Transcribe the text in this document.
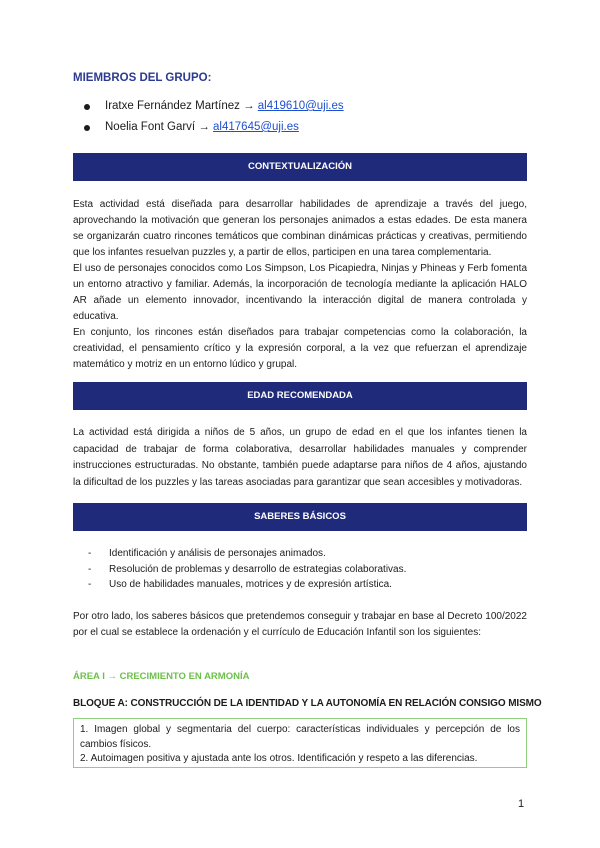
MIEMBROS DEL GRUPO:
Iratxe Fernández Martínez → al419610@uji.es
Noelia Font Garví → al417645@uji.es
CONTEXTUALIZACIÓN

Esta actividad está diseñada para desarrollar habilidades de aprendizaje a través del juego, aprovechando la motivación que generan los personajes animados a estas edades. De esta manera se organizarán cuatro rincones temáticos que combinan dinámicas prácticas y creativas, permitiendo que los infantes resuelvan puzzles y, a partir de ellos, participen en una tarea complementaria.

El uso de personajes conocidos como Los Simpson, Los Picapiedra, Ninjas y Phineas y Ferb fomenta un entorno atractivo y familiar. Además, la incorporación de tecnología mediante la aplicación HALO AR añade un elemento innovador, incentivando la interacción digital de manera controlada y educativa.

En conjunto, los rincones están diseñados para trabajar competencias como la colaboración, la creatividad, el pensamiento crítico y la expresión corporal, a la vez que refuerzan el aprendizaje matemático y motriz en un entorno lúdico y grupal.

EDAD RECOMENDADA

La actividad está dirigida a niños de 5 años, un grupo de edad en el que los infantes tienen la capacidad de trabajar de forma colaborativa, desarrollar habilidades manuales y comprender instrucciones estructuradas. No obstante, también puede adaptarse para niños de 4 años, ajustando la dificultad de los puzzles y las tareas asociadas para garantizar que sean accesibles y motivadoras.

SABERES BÁSICOS
- Identificación y análisis de personajes animados.
- Resolución de problemas y desarrollo de estrategias colaborativas.
- Uso de habilidades manuales, motrices y de expresión artística.

Por otro lado, los saberes básicos que pretendemos conseguir y trabajar en base al Decreto 100/2022 por el cual se establece la ordenación y el currículo de Educación Infantil son los siguientes:

ÁREA I → CRECIMIENTO EN ARMONÍA
BLOQUE A: CONSTRUCCIÓN DE LA IDENTIDAD Y LA AUTONOMÍA EN RELACIÓN CONSIGO MISMO

1. Imagen global y segmentaria del cuerpo: características individuales y percepción de los cambios físicos.

2. Autoimagen positiva y ajustada ante los otros. Identificación y respeto a las diferencias.

1
